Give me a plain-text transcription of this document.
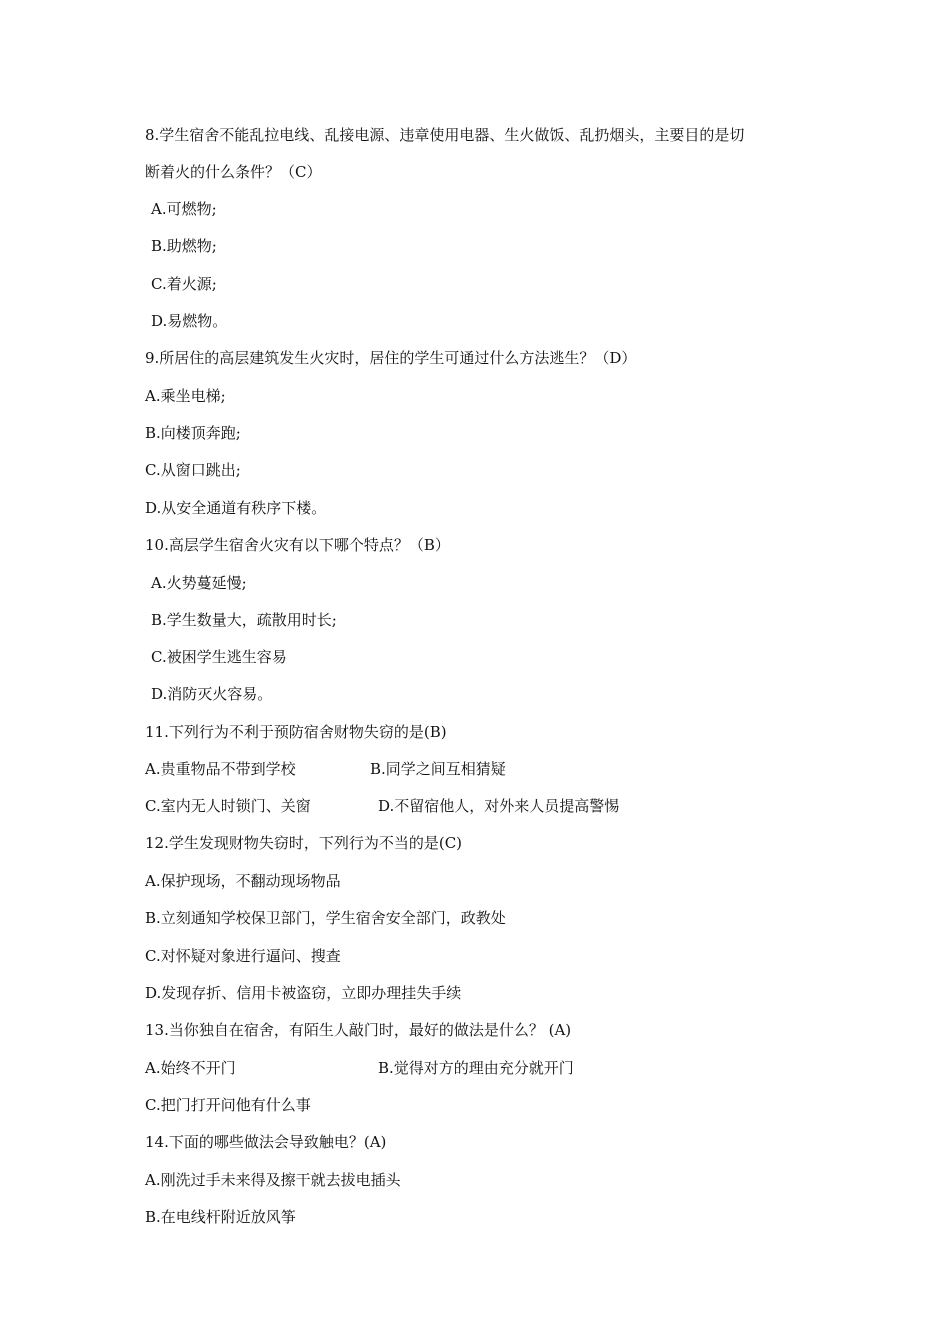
8.学生宿舍不能乱拉电线、乱接电源、违章使用电器、生火做饭、乱扔烟头，主要目的是切
断着火的什么条件？（C）
A.可燃物;
B.助燃物;
C.着火源;
D.易燃物。
9.所居住的高层建筑发生火灾时，居住的学生可通过什么方法逃生？（D）
A.乘坐电梯;
B.向楼顶奔跑;
C.从窗口跳出;
D.从安全通道有秩序下楼。
10.高层学生宿舍火灾有以下哪个特点？（B）
A.火势蔓延慢;
B.学生数量大，疏散用时长;
C.被困学生逃生容易
D.消防灭火容易。
11.下列行为不利于预防宿舍财物失窃的是(B)
A.贵重物品不带到学校	B.同学之间互相猜疑
C.室内无人时锁门、关窗	D.不留宿他人，对外来人员提高警惕
12.学生发现财物失窃时，下列行为不当的是(C)
A.保护现场，不翻动现场物品
B.立刻通知学校保卫部门，学生宿舍安全部门，政教处
C.对怀疑对象进行逼问、搜查
D.发现存折、信用卡被盗窃，立即办理挂失手续
13.当你独自在宿舍，有陌生人敲门时，最好的做法是什么？ (A)
A.始终不开门	B.觉得对方的理由充分就开门
C.把门打开问他有什么事
14.下面的哪些做法会导致触电？(A)
A.刚洗过手未来得及擦干就去拔电插头
B.在电线杆附近放风筝
